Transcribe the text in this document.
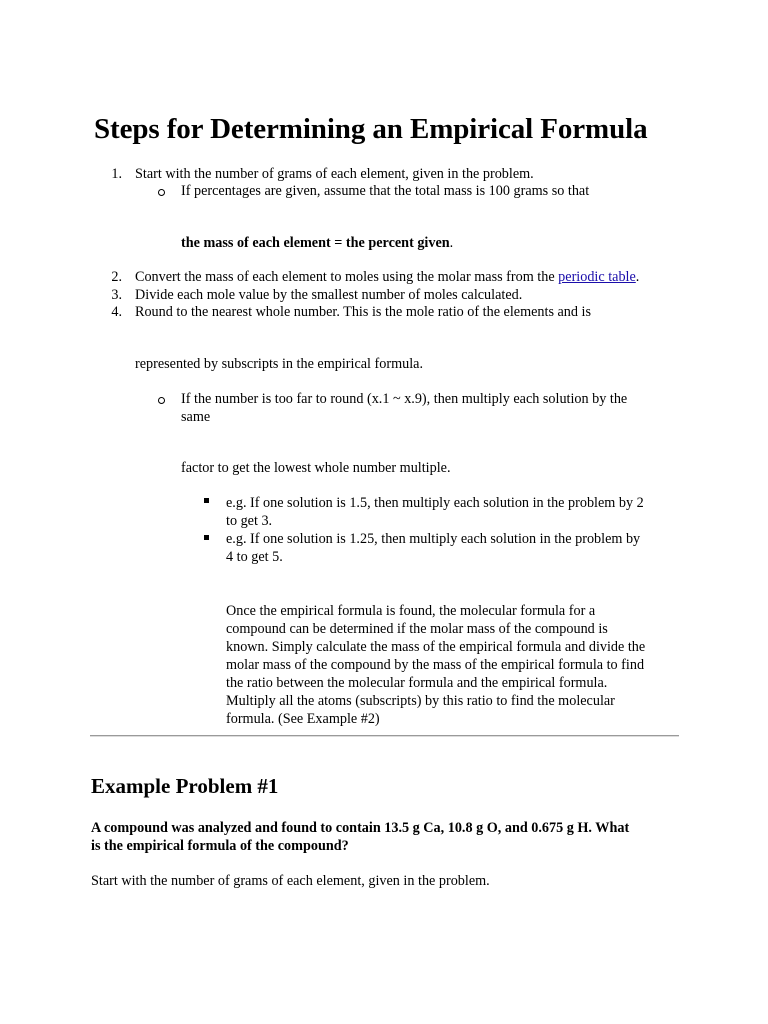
Steps for Determining an Empirical Formula
1. Start with the number of grams of each element, given in the problem.
If percentages are given, assume that the total mass is 100 grams so that
the mass of each element = the percent given.
2. Convert the mass of each element to moles using the molar mass from the periodic table.
3. Divide each mole value by the smallest number of moles calculated.
4. Round to the nearest whole number. This is the mole ratio of the elements and is
represented by subscripts in the empirical formula.
If the number is too far to round (x.1 ~ x.9), then multiply each solution by the
same
factor to get the lowest whole number multiple.
e.g. If one solution is 1.5, then multiply each solution in the problem by 2
to get 3.
e.g. If one solution is 1.25, then multiply each solution in the problem by
4 to get 5.
Once the empirical formula is found, the molecular formula for a
compound can be determined if the molar mass of the compound is
known. Simply calculate the mass of the empirical formula and divide the
molar mass of the compound by the mass of the empirical formula to find
the ratio between the molecular formula and the empirical formula.
Multiply all the atoms (subscripts) by this ratio to find the molecular
formula. (See Example #2)
Example Problem #1
A compound was analyzed and found to contain 13.5 g Ca, 10.8 g O, and 0.675 g H. What
is the empirical formula of the compound?
Start with the number of grams of each element, given in the problem.
